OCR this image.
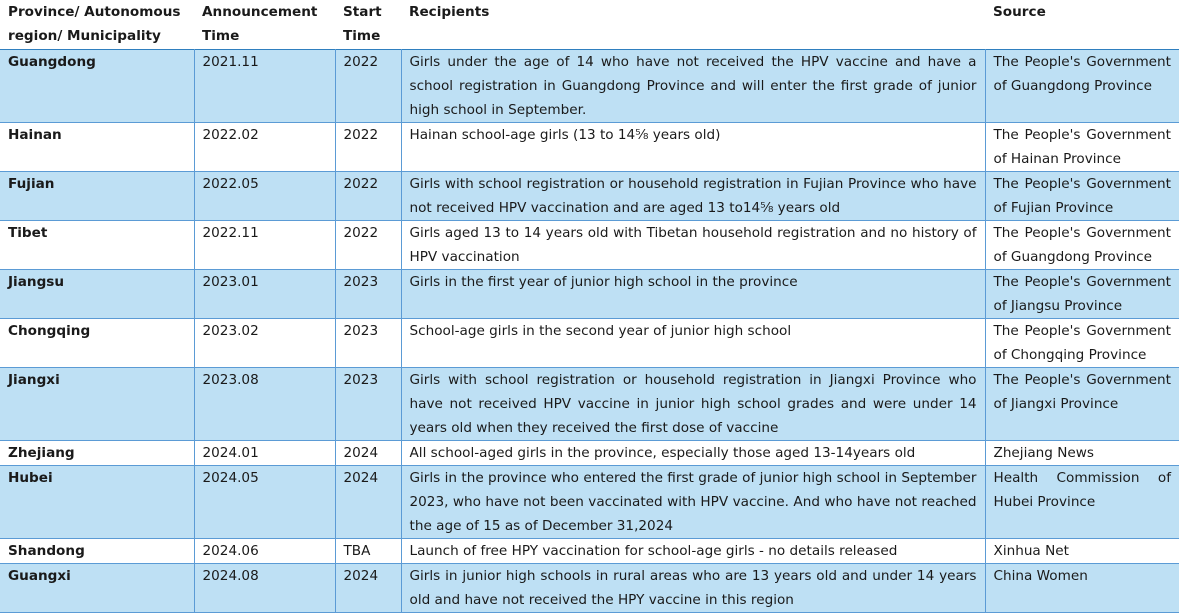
Province/ Autonomous region/ Municipality	Announcement Time	Start Time	Recipients	Source
Guangdong	2021.11	2022	Girls under the age of 14 who have not received the HPV vaccine and have a school registration in Guangdong Province and will enter the first grade of junior high school in September.	The People's Government of Guangdong Province
Hainan	2022.02	2022	Hainan school-age girls (13 to 14⅝ years old)	The People's Government of Hainan Province
Fujian	2022.05	2022	Girls with school registration or household registration in Fujian Province who have not received HPV vaccination and are aged 13 to14⅝ years old	The People's Government of Fujian Province
Tibet	2022.11	2022	Girls aged 13 to 14 years old with Tibetan household registration and no history of HPV vaccination	The People's Government of Guangdong Province
Jiangsu	2023.01	2023	Girls in the first year of junior high school in the province	The People's Government of Jiangsu Province
Chongqing	2023.02	2023	School-age girls in the second year of junior high school	The People's Government of Chongqing Province
Jiangxi	2023.08	2023	Girls with school registration or household registration in Jiangxi Province who have not received HPV vaccine in junior high school grades and were under 14 years old when they received the first dose of vaccine	The People's Government of Jiangxi Province
Zhejiang	2024.01	2024	All school-aged girls in the province, especially those aged 13-14years old	Zhejiang News
Hubei	2024.05	2024	Girls in the province who entered the first grade of junior high school in September 2023, who have not been vaccinated with HPV vaccine. And who have not reached the age of 15 as of December 31,2024	Health Commission of Hubei Province
Shandong	2024.06	TBA	Launch of free HPY vaccination for school-age girls - no details released	Xinhua Net
Guangxi	2024.08	2024	Girls in junior high schools in rural areas who are 13 years old and under 14 years old and have not received the HPY vaccine in this region	China Women
